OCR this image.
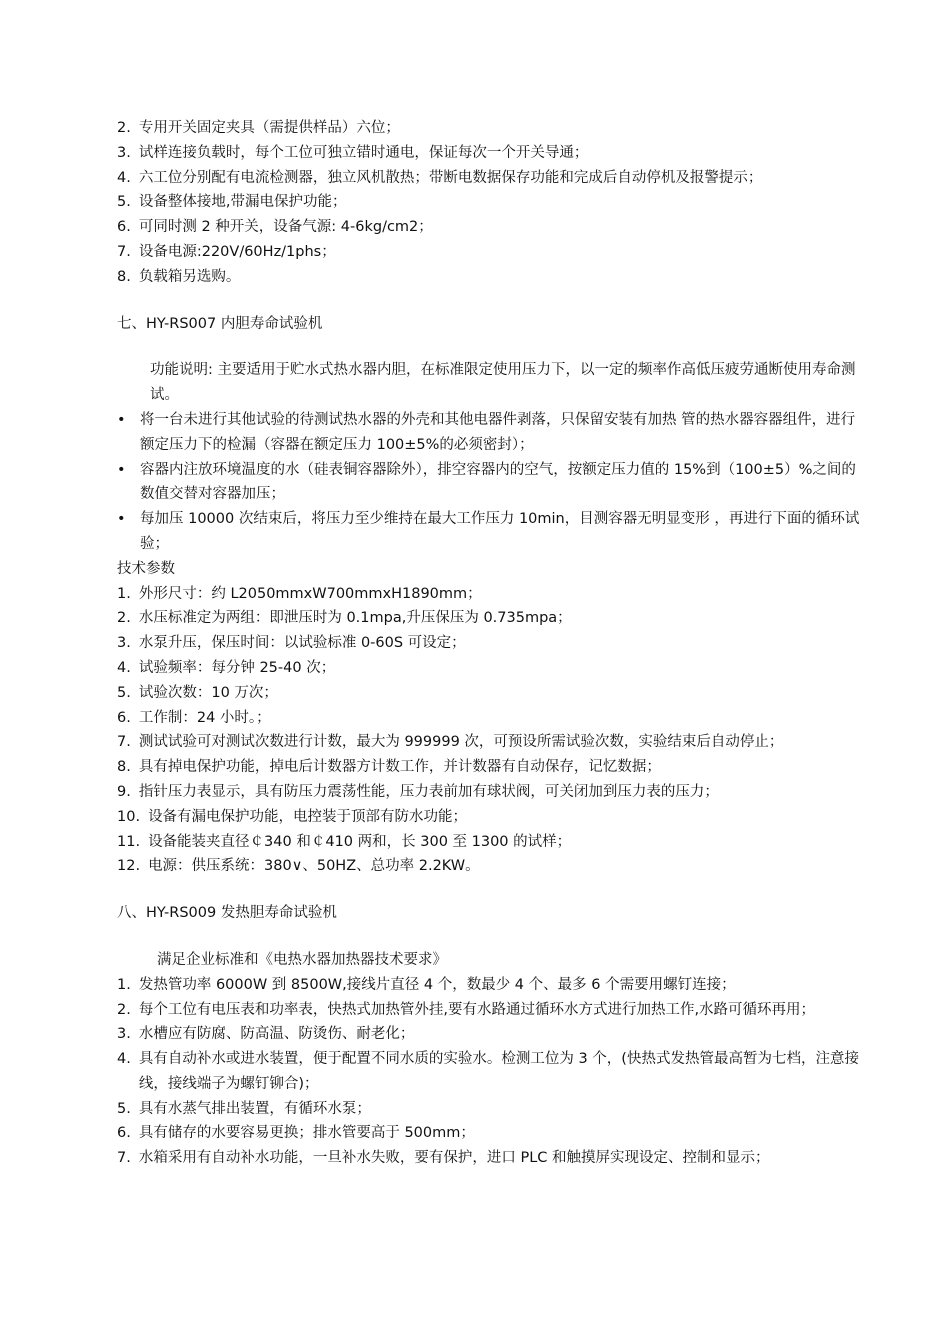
2. 专用开关固定夹具（需提供样品）六位；
3. 试样连接负载时，每个工位可独立错时通电，保证每次一个开关导通；
4. 六工位分别配有电流检测器，独立风机散热；带断电数据保存功能和完成后自动停机及报警提示；
5. 设备整体接地,带漏电保护功能；
6. 可同时测 2 种开关，设备气源: 4-6kg/cm2；
7. 设备电源:220V/60Hz/1phs；
8. 负载箱另选购。
七、HY-RS007 内胆寿命试验机
功能说明: 主要适用于贮水式热水器内胆，在标准限定使用压力下，以一定的频率作高低压疲劳通断使用寿命测试。
• 将一台未进行其他试验的待测试热水器的外壳和其他电器件剥落，只保留安装有加热 管的热水器容器组件，进行额定压力下的检漏（容器在额定压力 100±5%的必须密封）；
• 容器内注放环境温度的水（硅表铜容器除外），排空容器内的空气，按额定压力值的 15%到（100±5）%之间的数值交替对容器加压；
• 每加压 10000 次结束后，将压力至少维持在最大工作压力 10min，目测容器无明显变形 ，再进行下面的循环试验；
技术参数
1. 外形尺寸：约 L2050mmxW700mmxH1890mm；
2. 水压标准定为两组：即泄压时为 0.1mpa,升压保压为 0.735mpa；
3. 水泵升压，保压时间：以试验标准 0-60S 可设定；
4. 试验频率：每分钟 25-40 次；
5. 试验次数：10 万次；
6. 工作制：24 小时。；
7. 测试试验可对测试次数进行计数，最大为 999999 次，可预设所需试验次数，实验结束后自动停止；
8. 具有掉电保护功能，掉电后计数器方计数工作，并计数器有自动保存，记忆数据；
9. 指针压力表显示，具有防压力震荡性能，压力表前加有球状阀，可关闭加到压力表的压力；
10. 设备有漏电保护功能，电控装于顶部有防水功能；
11. 设备能装夹直径￠340 和￠410 两和，长 300 至 1300 的试样；
12. 电源：供压系统：380∨、50HZ、总功率 2.2KW。
八、HY-RS009 发热胆寿命试验机
满足企业标准和《电热水器加热器技术要求》
1. 发热管功率 6000W 到 8500W,接线片直径 4 个，数最少 4 个、最多 6 个需要用螺钉连接；
2. 每个工位有电压表和功率表，快热式加热管外挂,要有水路通过循环水方式进行加热工作,水路可循环再用；
3. 水槽应有防腐、防高温、防烫伤、耐老化；
4. 具有自动补水或进水装置，便于配置不同水质的实验水。检测工位为 3 个，(快热式发热管最高暂为七档，注意接线，接线端子为螺钉铆合)；
5. 具有水蒸气排出装置，有循环水泵；
6. 具有储存的水要容易更换；排水管要高于 500mm；
7. 水箱采用有自动补水功能，一旦补水失败，要有保护，进口 PLC 和触摸屏实现设定、控制和显示；
